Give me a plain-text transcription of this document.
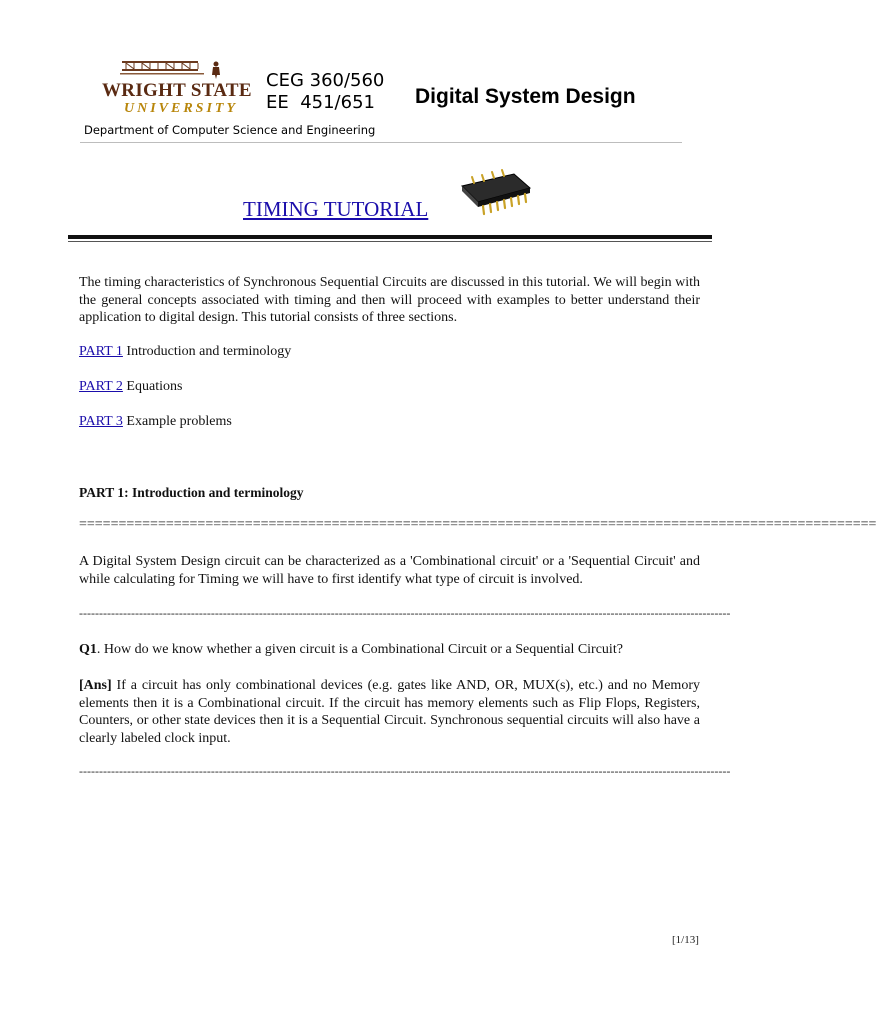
WRIGHT STATE
UNIVERSITY
CEG 360/560
EE  451/651	Digital System Design
Department of Computer Science and Engineering
TIMING TUTORIAL
The timing characteristics of Synchronous Sequential Circuits are discussed in this tutorial. We will begin with the general concepts associated with timing and then will proceed with examples to better understand their application to digital design. This tutorial consists of three sections.
PART 1 Introduction and terminology
PART 2 Equations
PART 3 Example problems
PART 1: Introduction and terminology
=====================================================================================================
A Digital System Design circuit can be characterized as a 'Combinational circuit' or a 'Sequential Circuit' and while calculating for Timing we will have to first identify what type of circuit is involved.
-------------------------------------------------------------------------------------------------------------------------------------------------------------------
Q1. How do we know whether a given circuit is a Combinational Circuit or a Sequential Circuit?
[Ans] If a circuit has only combinational devices (e.g. gates like AND, OR, MUX(s), etc.) and no Memory elements then it is a Combinational circuit. If the circuit has memory elements such as Flip Flops, Registers, Counters, or other state devices then it is a Sequential Circuit. Synchronous sequential circuits will also have a clearly labeled clock input.
-------------------------------------------------------------------------------------------------------------------------------------------------------------------
[1/13]
